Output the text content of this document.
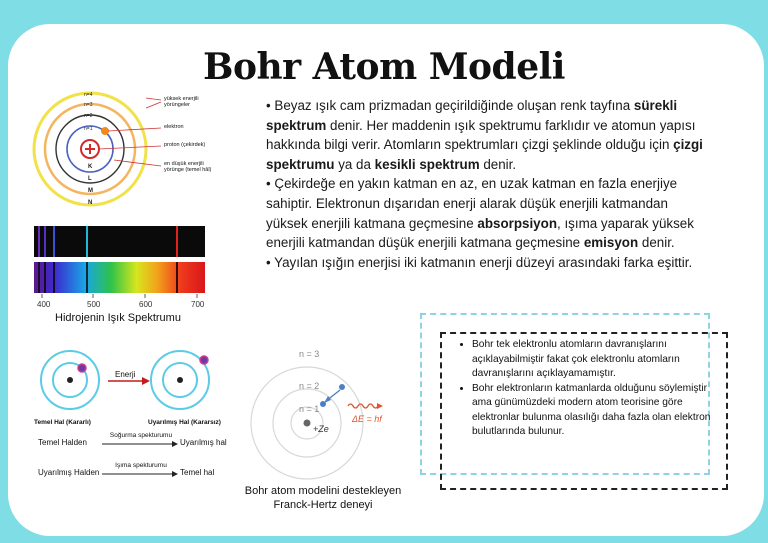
Bohr Atom Modeli

• Beyaz ışık cam prizmadan geçirildiğinde oluşan renk tayfına sürekli spektrum denir. Her maddenin ışık spektrumu farklıdır ve atomun yapısı hakkında bilgi verir. Atomların spektrumları çizgi şeklinde olduğu için çizgi spektrumu ya da kesikli spektrum denir.

• Çekirdeğe en yakın katman en az, en uzak katman en fazla enerjiye sahiptir. Elektronun dışarıdan enerji alarak düşük enerjili katmandan yüksek enerjili katmana geçmesine absorpsiyon, ışıma yaparak yüksek enerjili katmandan düşük enerjili katmana geçmesine emisyon denir.

• Yayılan ışığın enerjisi iki katmanın enerji düzeyi arasındaki farka eşittir.

n=4
n=3
n=2
n=1
K
L
M
N
yüksek enerjili yörüngeler
elektron
proton (çekirdek)
en düşük enerjili yörünge (temel hâl)
400	500	600	700
Hidrojenin Işık Spektrumu
Enerji
Temel Hal (Kararlı)	Uyarılmış Hal (Kararsız)
Temel Halden
Soğurma spekturumu
Uyarılmış hal
Uyarılmış Halden
Işıma spekturumu
Temel hal
n = 3
n = 2
n = 1
+Ze
ΔE = hf
Bohr atom modelini destekleyen
Franck-Hertz deneyi
• Bohr tek elektronlu atomların davranışlarını açıklayabilmiştir fakat çok elektronlu atomların davranışlarını açıklayamamıştır.
• Bohr elektronların katmanlarda olduğunu söylemiştir ama günümüzdeki modern atom teorisine göre elektronlar bulunma olasılığı daha fazla olan elektron bulutlarında bulunur.
